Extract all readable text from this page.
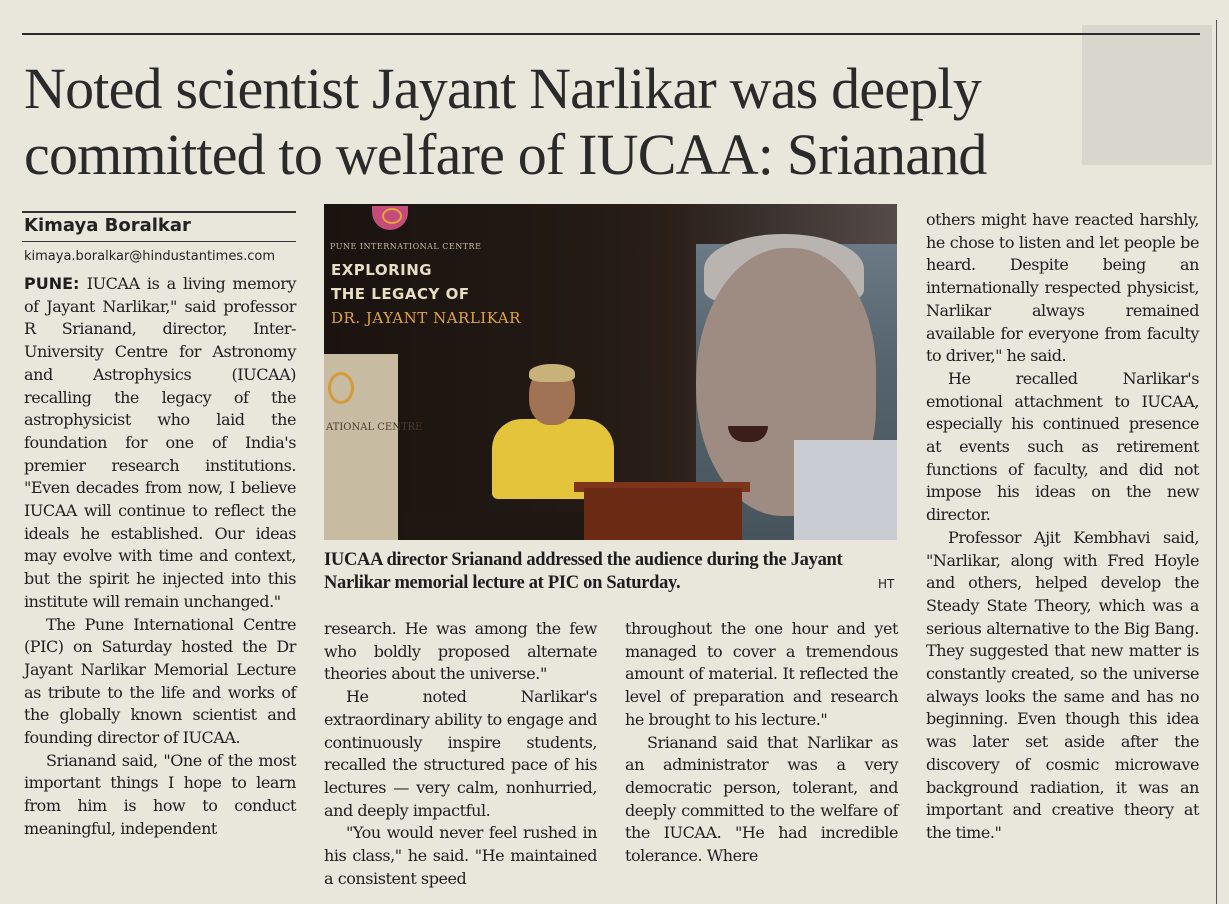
Noted scientist Jayant Narlikar was deeply committed to welfare of IUCAA: Srianand
Kimaya Boralkar
kimaya.boralkar@hindustantimes.com

PUNE: IUCAA is a living memory of Jayant Narlikar," said professor R Srianand, director, Inter-University Centre for Astronomy and Astrophysics (IUCAA) recalling the legacy of the astrophysicist who laid the foundation for one of India's premier research institutions. "Even decades from now, I believe IUCAA will continue to reflect the ideals he established. Our ideas may evolve with time and context, but the spirit he injected into this institute will remain unchanged."

The Pune International Centre (PIC) on Saturday hosted the Dr Jayant Narlikar Memorial Lecture as tribute to the life and works of the globally known scientist and founding director of IUCAA.

Srianand said, "One of the most important things I hope to learn from him is how to conduct meaningful, independent

PUNE INTERNATIONAL CENTRE
EXPLORING
THE LEGACY OF
DR. JAYANT NARLIKAR
ATIONAL CENTRE
IUCAA director Srianand addressed the audience during the Jayant Narlikar memorial lecture at PIC on Saturday.	HT

research. He was among the few who boldly proposed alternate theories about the universe."

He noted Narlikar's extraordinary ability to engage and continuously inspire students, recalled the structured pace of his lectures — very calm, nonhurried, and deeply impactful.

"You would never feel rushed in his class," he said. "He maintained a consistent speed

throughout the one hour and yet managed to cover a tremendous amount of material. It reflected the level of preparation and research he brought to his lecture."

Srianand said that Narlikar as an administrator was a very democratic person, tolerant, and deeply committed to the welfare of the IUCAA. "He had incredible tolerance. Where

others might have reacted harshly, he chose to listen and let people be heard. Despite being an internationally respected physicist, Narlikar always remained available for everyone from faculty to driver," he said.

He recalled Narlikar's emotional attachment to IUCAA, especially his continued presence at events such as retirement functions of faculty, and did not impose his ideas on the new director.

Professor Ajit Kembhavi said, "Narlikar, along with Fred Hoyle and others, helped develop the Steady State Theory, which was a serious alternative to the Big Bang. They suggested that new matter is constantly created, so the universe always looks the same and has no beginning. Even though this idea was later set aside after the discovery of cosmic microwave background radiation, it was an important and creative theory at the time."
